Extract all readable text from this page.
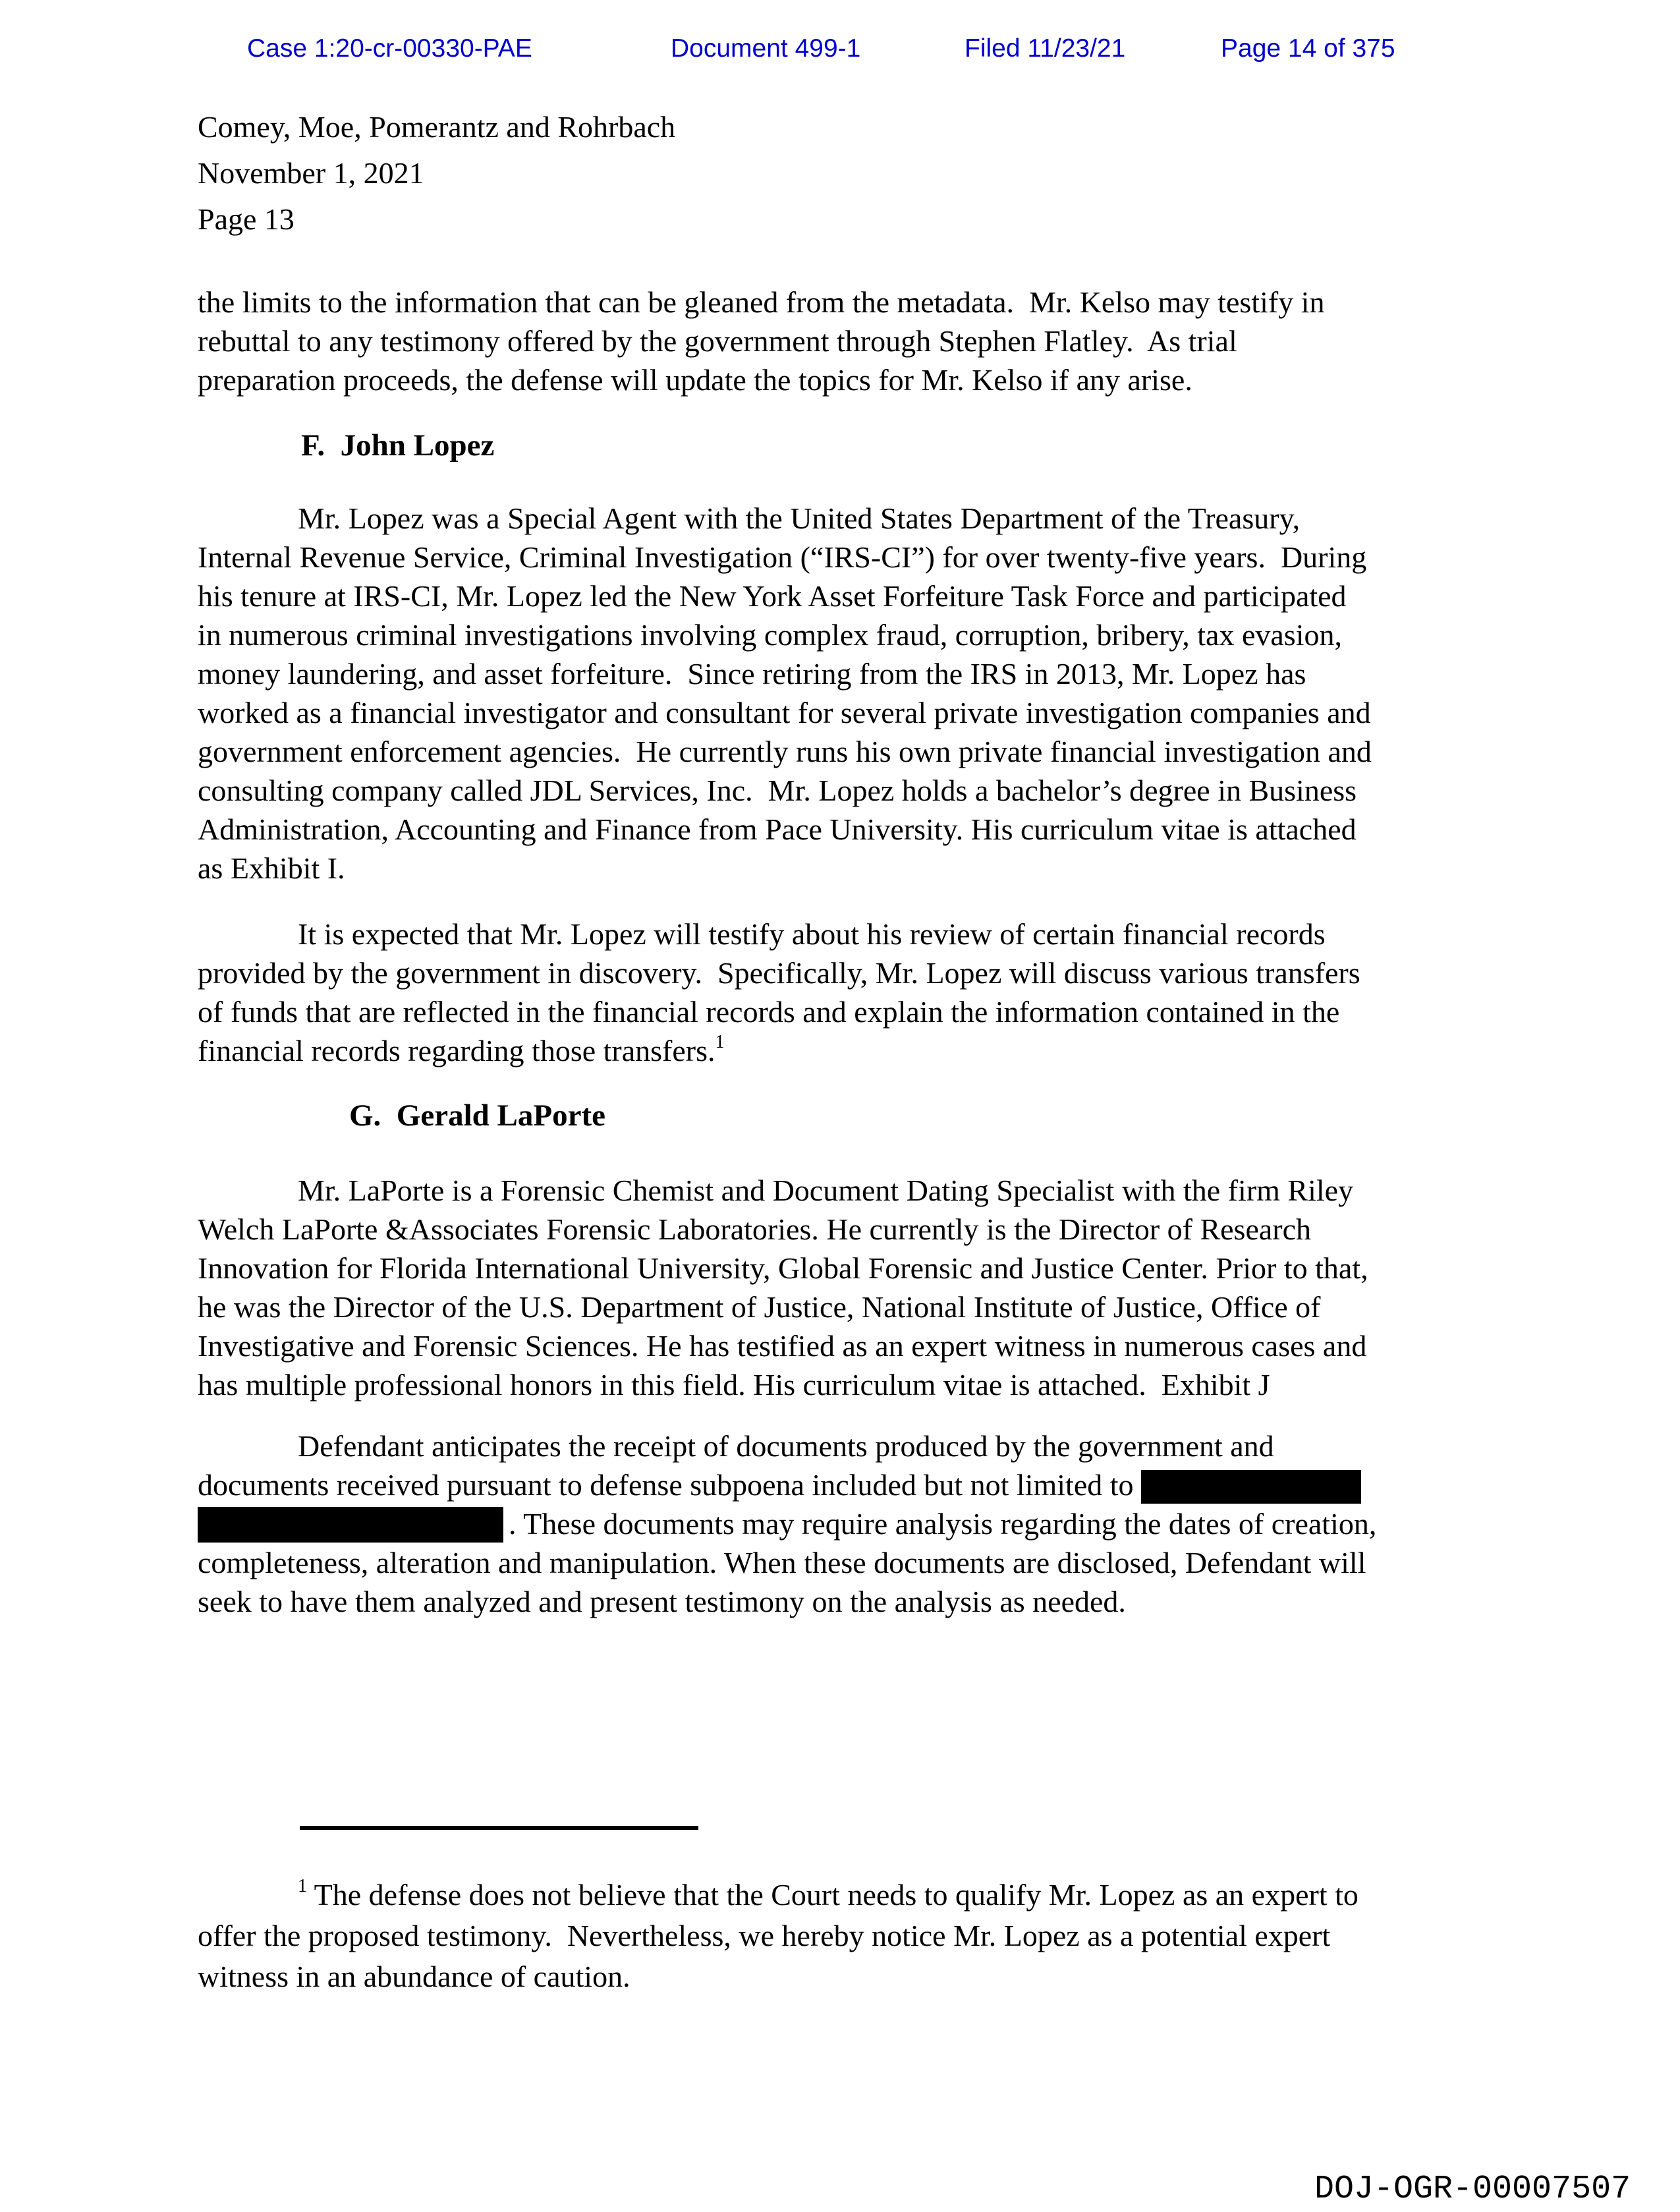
Case 1:20-cr-00330-PAE	Document 499-1	Filed 11/23/21	Page 14 of 375
Comey, Moe, Pomerantz and Rohrbach
November 1, 2021
Page 13
the limits to the information that can be gleaned from the metadata.  Mr. Kelso may testify in
rebuttal to any testimony offered by the government through Stephen Flatley.  As trial
preparation proceeds, the defense will update the topics for Mr. Kelso if any arise.
F.  John Lopez
Mr. Lopez was a Special Agent with the United States Department of the Treasury,
Internal Revenue Service, Criminal Investigation (“IRS-CI”) for over twenty-five years.  During
his tenure at IRS-CI, Mr. Lopez led the New York Asset Forfeiture Task Force and participated
in numerous criminal investigations involving complex fraud, corruption, bribery, tax evasion,
money laundering, and asset forfeiture.  Since retiring from the IRS in 2013, Mr. Lopez has
worked as a financial investigator and consultant for several private investigation companies and
government enforcement agencies.  He currently runs his own private financial investigation and
consulting company called JDL Services, Inc.  Mr. Lopez holds a bachelor’s degree in Business
Administration, Accounting and Finance from Pace University. His curriculum vitae is attached
as Exhibit I.
It is expected that Mr. Lopez will testify about his review of certain financial records
provided by the government in discovery.  Specifically, Mr. Lopez will discuss various transfers
of funds that are reflected in the financial records and explain the information contained in the
financial records regarding those transfers.$^1$
G.  Gerald LaPorte
Mr. LaPorte is a Forensic Chemist and Document Dating Specialist with the firm Riley
Welch LaPorte &Associates Forensic Laboratories. He currently is the Director of Research
Innovation for Florida International University, Global Forensic and Justice Center. Prior to that,
he was the Director of the U.S. Department of Justice, National Institute of Justice, Office of
Investigative and Forensic Sciences. He has testified as an expert witness in numerous cases and
has multiple professional honors in this field. His curriculum vitae is attached.  Exhibit J
Defendant anticipates the receipt of documents produced by the government and
documents received pursuant to defense subpoena included but not limited to
. These documents may require analysis regarding the dates of creation,
completeness, alteration and manipulation. When these documents are disclosed, Defendant will
seek to have them analyzed and present testimony on the analysis as needed.
$^1$ The defense does not believe that the Court needs to qualify Mr. Lopez as an expert to
offer the proposed testimony.  Nevertheless, we hereby notice Mr. Lopez as a potential expert
witness in an abundance of caution.
DOJ-OGR-00007507
